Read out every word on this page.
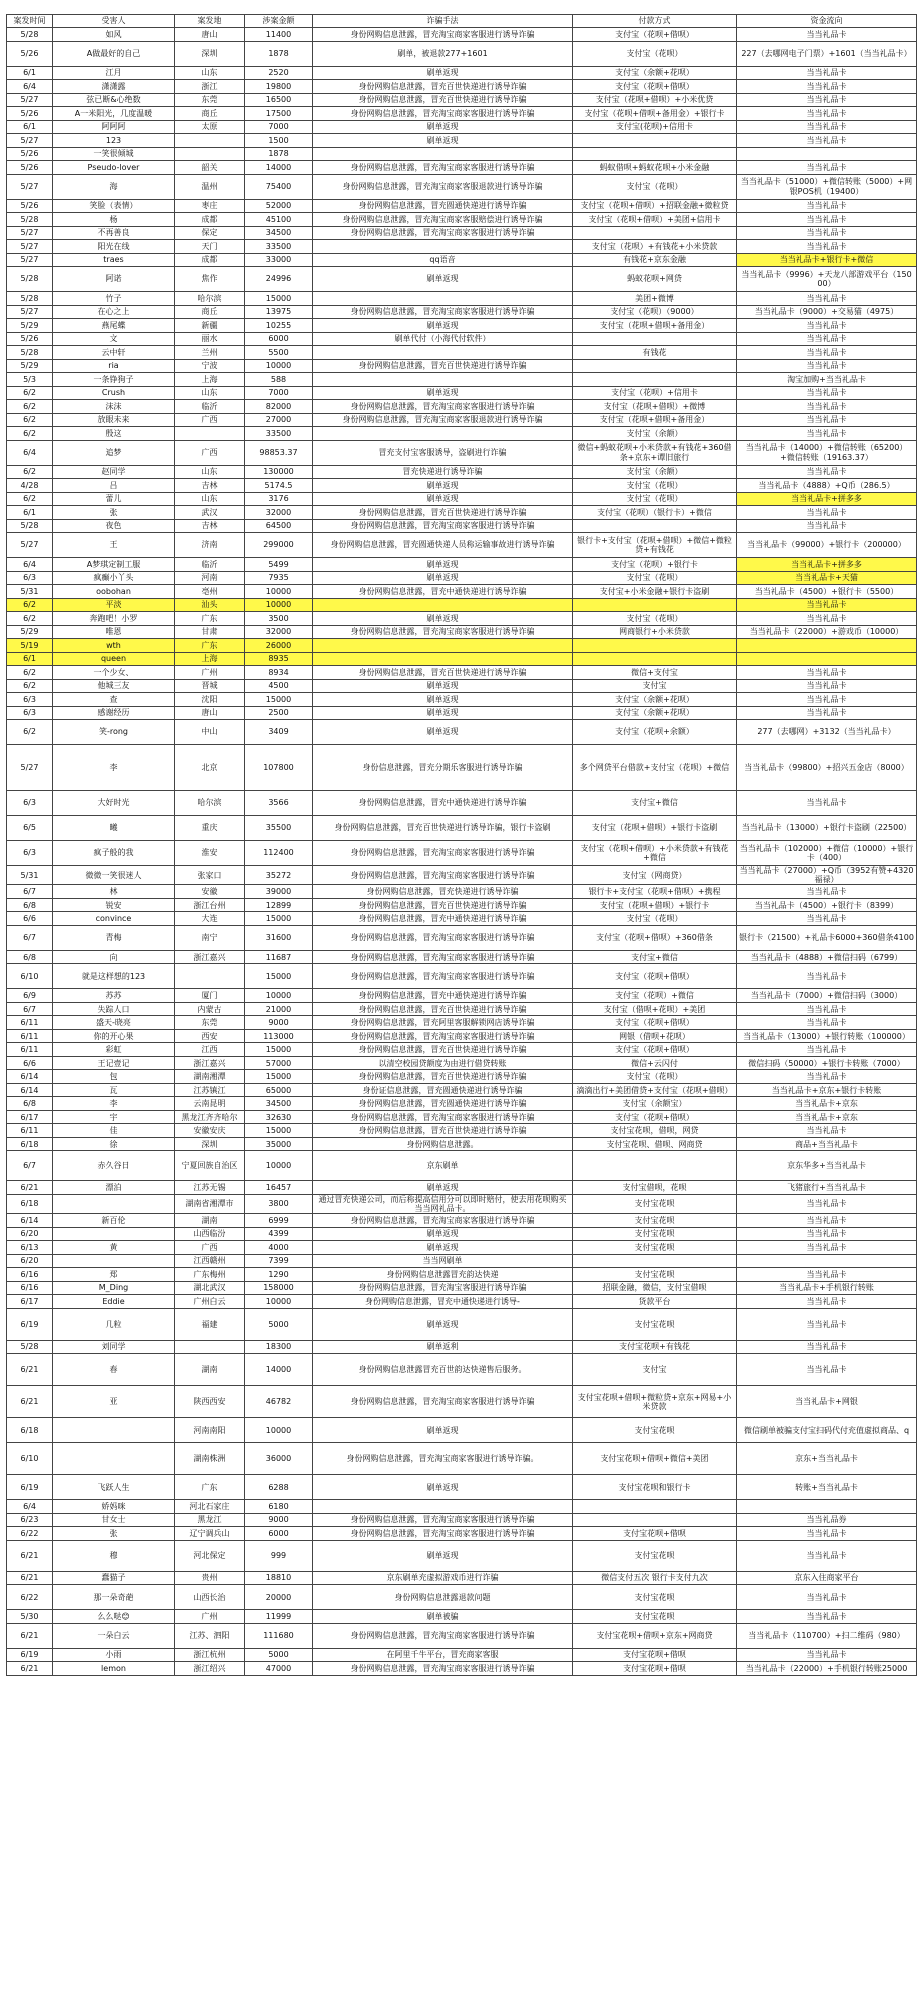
案发时间	受害人	案发地	涉案金额	诈骗手法	付款方式	资金流向
5/28	如风	唐山	11400	身份网购信息泄露，冒充淘宝商家客服进行诱导诈骗	支付宝（花呗+借呗）	当当礼品卡
5/26	A做最好的自己	深圳	1878	刷单，被退款277+1601	支付宝（花呗）	227（去哪网电子门票）+1601（当当礼品卡）
6/1	江月	山东	2520	刷单返现	支付宝（余额+花呗）	当当礼品卡
6/4	潇潇露	浙江	19800	身份网购信息泄露，冒充百世快递进行诱导诈骗	支付宝（花呗+借呗）	当当礼品卡
5/27	弦已断&心绝数	东莞	16500	身份网购信息泄露，冒充百世快递进行诱导诈骗	支付宝（花呗+借呗）+小米优贷	当当礼品卡
5/26	A一米阳光，几度温暖	商丘	17500	身份网购信息泄露，冒充淘宝商家客服进行诱导诈骗	支付宝（花呗+借呗+备用金）+银行卡	当当礼品卡
6/1	阿阿阿	太原	7000	刷单返现	支付宝(花呗)+信用卡	当当礼品卡
5/27	123		1500	刷单返现		当当礼品卡
5/26	一笑很倾城		1878			
5/26	Pseudo-lover	韶关	14000	身份网购信息泄露，冒充淘宝商家客服进行诱导诈骗	蚂蚁借呗+蚂蚁花呗+小米金融	当当礼品卡
5/27	海	温州	75400	身份网购信息泄露，冒充淘宝商家客服退款进行诱导诈骗	支付宝（花呗）	当当礼品卡（51000）+微信转账（5000）+网银POS机（19400）
5/26	笑脸（表情）	枣庄	52000	身份网购信息泄露，冒充圆通快递进行诱导诈骗	支付宝（花呗+借呗）+招联金融+微粒贷	当当礼品卡
5/28	杨	成都	45100	身份网购信息泄露，冒充淘宝商家客服赔偿进行诱导诈骗	支付宝（花呗+借呗）+美团+信用卡	当当礼品卡
5/27	不再善良	保定	34500	身份网购信息泄露，冒充淘宝商家客服进行诱导诈骗		当当礼品卡
5/27	阳光在线	天门	33500		支付宝（花呗）+有钱花+小米贷款	当当礼品卡
5/27	traes	成都	33000	qq语音	有钱花+京东金融	当当礼品卡+银行卡+微信
5/28	阿诺	焦作	24996	刷单返现	蚂蚁花呗+网贷	当当礼品卡（9996）+天龙八部游戏平台（15000）
5/28	竹子	哈尔滨	15000		美团+微博	当当礼品卡
5/27	在心之上	商丘	13975	身份网购信息泄露，冒充淘宝商家客服进行诱导诈骗	支付宝（花呗）（9000）	当当礼品卡（9000）+交易猫（4975）
5/29	燕尾蝶	新疆	10255	刷单返现	支付宝（花呗+借呗+备用金）	当当礼品卡
5/26	文	丽水	6000	刷单代付（小海代付软件）		当当礼品卡
5/28	云中轩	兰州	5500		有钱花	当当礼品卡
5/29	ria	宁波	10000	身份网购信息泄露，冒充百世快递进行诱导诈骗		当当礼品卡
5/3	一条铮狗子	上海	588			淘宝加购+当当礼品卡
6/2	Crush	山东	7000	刷单返现	支付宝（花呗）+信用卡	当当礼品卡
6/2	沫沫	临沂	82000	身份网购信息泄露，冒充淘宝商家客服进行诱导诈骗	支付宝（花呗+借呗）+微博	当当礼品卡
6/2	放眼未来	广西	27000	身份网购信息泄露，冒充淘宝商家客服退款进行诱导诈骗	支付宝（花呗+借呗+备用金）	当当礼品卡
6/2	殷这		33500		支付宝（余额）	当当礼品卡
6/4	追梦	广西	98853.37	冒充支付宝客服诱导，盗刷进行诈骗	微信+蚂蚁花呗+小米贷款+有钱花+360借条+京东+谭旧旅行	当当礼品卡（14000）+微信转账（65200）+微信转账（19163.37）
6/2	赵同学	山东	130000	冒充快递进行诱导诈骗	支付宝（余额）	当当礼品卡
4/28	吕	吉林	5174.5	刷单返现	支付宝（花呗）	当当礼品卡（4888）+Q币（286.5）
6/2	蕾儿	山东	3176	刷单返现	支付宝（花呗）	当当礼品卡+拼多多
6/1	张	武汉	32000	身份网购信息泄露，冒充百世快递进行诱导诈骗	支付宝（花呗）（银行卡）+微信	当当礼品卡
5/28	夜色	吉林	64500	身份网购信息泄露，冒充淘宝商家客服进行诱导诈骗		当当礼品卡
5/27	王	济南	299000	身份网购信息泄露，冒充圆通快递人员称运输事故进行诱导诈骗	银行卡+支付宝（花呗+借呗）+微信+微粒贷+有钱花	当当礼品卡（99000）+银行卡（200000）
6/4	A梦琪定制工服	临沂	5499	刷单返现	支付宝（花呗）+银行卡	当当礼品卡+拼多多
6/3	疯癫小丫头	河南	7935	刷单返现	支付宝（花呗）	当当礼品卡+天猫
5/31	oobohan	亳州	10000	身份网购信息泄露，冒充中通快递进行诱导诈骗	支付宝+小米金融+银行卡盗刷	当当礼品卡（4500）+银行卡（5500）
6/2	平淡	汕头	10000			当当礼品卡
6/2	奔跑吧！小罗	广东	3500	刷单返现	支付宝（花呗）	当当礼品卡
5/29	唯恩	甘肃	32000	身份网购信息泄露，冒充淘宝商家客服进行诱导诈骗	网商银行+小米贷款	当当礼品卡（22000）+游戏币（10000）
5/19	wth	广东	26000			
6/1	queen	上海	8935			
6/2	一个少女、	广州	8934	身份网购信息泄露，冒充百世快递进行诱导诈骗	微信+支付宝	当当礼品卡
6/2	他城三友	晋城	4500	刷单返现	支付宝	当当礼品卡
6/3	查	沈阳	15000	刷单返现	支付宝（余额+花呗）	当当礼品卡
6/3	感谢经历	唐山	2500	刷单返现	支付宝（余额+花呗）	当当礼品卡
6/2	笑-rong	中山	3409	刷单返现	支付宝（花呗+余额）	277（去哪网）+3132（当当礼品卡）
5/27	李	北京	107800	身份信息泄露，冒充分期乐客服进行诱导诈骗	多个网贷平台借款+支付宝（花呗）+微信	当当礼品卡（99800）+招兴五金店（8000）
6/3	大好时光	哈尔滨	3566	身份网购信息泄露，冒充中通快递进行诱导诈骗	支付宝+微信	当当礼品卡
6/5	曦	重庆	35500	身份网购信息泄露，冒充百世快递进行诱导诈骗，银行卡盗刷	支付宝（花呗+借呗）+银行卡盗刷	当当礼品卡（13000）+银行卡盗刷（22500）
6/3	疯子般的我	淮安	112400	身份网购信息泄露，冒充淘宝商家客服进行诱导诈骗	支付宝（花呗+借呗）+小米贷款+有钱花+微信	当当礼品卡（102000）+微信（10000）+银行卡（400）
5/31	微微一笑很迷人	张家口	35272	身份网购信息泄露，冒充淘宝商家客服进行诱导诈骗	支付宝（网商贷）	当当礼品卡（27000）+Q币（3952有赞+4320福禄）
6/7	林	安徽	39000	身份网购信息泄露，冒充快递进行诱导诈骗	银行卡+支付宝（花呗+借呗）+携程	当当礼品卡
6/8	锐安	浙江台州	12899	身份网购信息泄露，冒充百世快递进行诱导诈骗	支付宝（花呗+借呗）+银行卡	当当礼品卡（4500）+银行卡（8399）
6/6	convince	大连	15000	身份网购信息泄露，冒充中通快递进行诱导诈骗	支付宝（花呗）	当当礼品卡
6/7	青梅	南宁	31600	身份网购信息泄露，冒充淘宝商家客服进行诱导诈骗	支付宝（花呗+借呗）+360借条	银行卡（21500）+礼品卡6000+360借条4100
6/8	向	浙江嘉兴	11687	身份网购信息泄露，冒充淘宝商家客服进行诱导诈骗	支付宝+微信	当当礼品卡（4888）+微信扫码（6799）
6/10	就是这样想的123		15000	身份网购信息泄露，冒充淘宝商家客服进行诱导诈骗	支付宝（花呗+借呗）	当当礼品卡
6/9	苏苏	厦门	10000	身份网购信息泄露，冒充中通快递进行诱导诈骗	支付宝（花呗）+微信	当当礼品卡（7000）+微信扫码（3000）
6/7	失踪人口	内蒙古	21000	身份网购信息泄露，冒充百世快递进行诱导诈骗	支付宝（借呗+花呗）+美团	当当礼品卡
6/11	盛天-晓亮	东莞	9000	身份网购信息泄露，冒充阿里客服解锁网店诱导诈骗	支付宝（花呗+借呗）	当当礼品卡
6/11	你的开心果	西安	113000	身份网购信息泄露，冒充淘宝商家客服进行诱导诈骗	网银（借呗+花呗）	当当礼品卡（13000）+银行转账（100000）
6/11	彩虹	江西	15000	身份网购信息泄露，冒充百世快递进行诱导诈骗	支付宝（花呗+借呗）	当当礼品卡
6/6	王记壹记	浙江嘉兴	57000	以清空校园贷额度为由进行借贷转账	微信+云闪付	微信扫码（50000）+银行卡转账（7000）
6/14	包	湖南湘潭	15000	身份网购信息泄露，冒充百世快递进行诱导诈骗	支付宝（花呗）	当当礼品卡
6/14	瓦	江苏镇江	65000	身份证信息泄露，冒充圆通快递进行诱导诈骗	滴滴出行+美团借贷+支付宝（花呗+借呗）	当当礼品卡+京东+银行卡转账
6/8	李	云南昆明	34500	身份网购信息泄露，冒充圆通快递进行诱导诈骗	支付宝（余额宝）	当当礼品卡+京东
6/17	宇	黑龙江齐齐哈尔	32630	身份网购信息泄露，冒充淘宝商家客服进行诱导诈骗	支付宝（花呗+借呗）	当当礼品卡+京东
6/11	佳	安徽安庆	15000	身份网购信息泄露，冒充百世快递进行诱导诈骗	支付宝花呗，借呗，网贷	当当礼品卡
6/18	徐	深圳	35000	身份网购信息泄露。	支付宝花呗、借呗、网商贷	商品+当当礼品卡
6/7	赤久谷日	宁夏回族自治区	10000	京东刷单		京东华多+当当礼品卡
6/21	漂泊	江苏无锡	16457	刷单返现	支付宝借呗，花呗	飞猪旅行+当当礼品卡
6/18		湖南省湘潭市	3800	通过冒充快递公司，而后称提高信用分可以即时赔付，使去用花呗购买当当网礼品卡。	支付宝花呗	当当礼品卡
6/14	新百伦	湖南	6999	身份网购信息泄露，冒充淘宝商家客服进行诱导诈骗	支付宝花呗	当当礼品卡
6/20		山西临汾	4399	刷单返现	支付宝花呗	当当礼品卡
6/13	黄	广西	4000	刷单返现	支付宝花呗	当当礼品卡
6/20		江西赣州	7399	当当网刷单		
6/16	郑	广东梅州	1290	身份网购信息泄露冒充韵达快递	支付宝花呗	当当礼品卡
6/16	M_Ding	湖北武汉	158000	身份网购信息泄露，冒充淘宝客服进行诱导诈骗	招联金融，微信，支付宝借呗	当当礼品卡+手机银行转账
6/17	Eddie	广州白云	10000	身份网购信息泄露，冒充中通快递进行诱导-	货款平台	当当礼品卡
6/19	几粒	福建	5000	刷单返现	支付宝花呗	当当礼品卡
5/28	刘同学		18300	刷单返利	支付宝花呗+有钱花	当当礼品卡
6/21	春	湖南	14000	身份网购信息泄露冒充百世韵达快递售后服务。	支付宝	当当礼品卡
6/21	亚	陕西西安	46782	身份网购信息泄露，冒充淘宝商家客服进行诱导诈骗	支付宝花呗+借呗+微粒贷+京东+网易+小米贷款	当当礼品卡+网银
6/18		河南南阳	10000	刷单返现	支付宝花呗	微信刷单被骗支付宝扫码代付充值虚拟商品、q
6/10		湖南株洲	36000	身份网购信息泄露，冒充淘宝商家客服进行诱导诈骗。	支付宝花呗+借呗+微信+美团	京东+当当礼品卡
6/19	飞跃人生	广东	6288	刷单返现	支付宝花呗和银行卡	转账+当当礼品卡
6/4	娇妈咪	河北石家庄	6180			
6/23	甘女士	黑龙江	9000	身份网购信息泄露，冒充淘宝商家客服进行诱导诈骗		当当礼品券
6/22	张	辽宁调兵山	6000	身份网购信息泄露，冒充淘宝商家客服进行诱导诈骗	支付宝花呗+借呗	当当礼品卡
6/21	穆	河北保定	999	刷单返现	支付宝花呗	当当礼品卡
6/21	蠢猫子	贵州	18810	京东刷单充虚拟游戏币进行诈骗	微信支付五次 银行卡支付九次	京东入住商家平台
6/22	那一朵奇葩	山西长治	20000	身份网购信息泄露退款问题	支付宝花呗	当当礼品卡
5/30	么么哒😊	广州	11999	刷单被骗	支付宝花呗	当当礼品卡
6/21	一朵白云	江苏、泗阳	111680	身份网购信息泄露，冒充淘宝商家客服进行诱导诈骗	支付宝花呗+借呗+京东+网商贷	当当礼品卡（110700）+扫二维码（980）
6/19	小雨	浙江杭州	5000	在阿里千牛平台，冒充商家客服	支付宝花呗+借呗	当当礼品卡
6/21	lemon	浙江绍兴	47000	身份网购信息泄露，冒充淘宝商家客服进行诱导诈骗	支付宝花呗+借呗	当当礼品卡（22000）+手机银行转账25000
